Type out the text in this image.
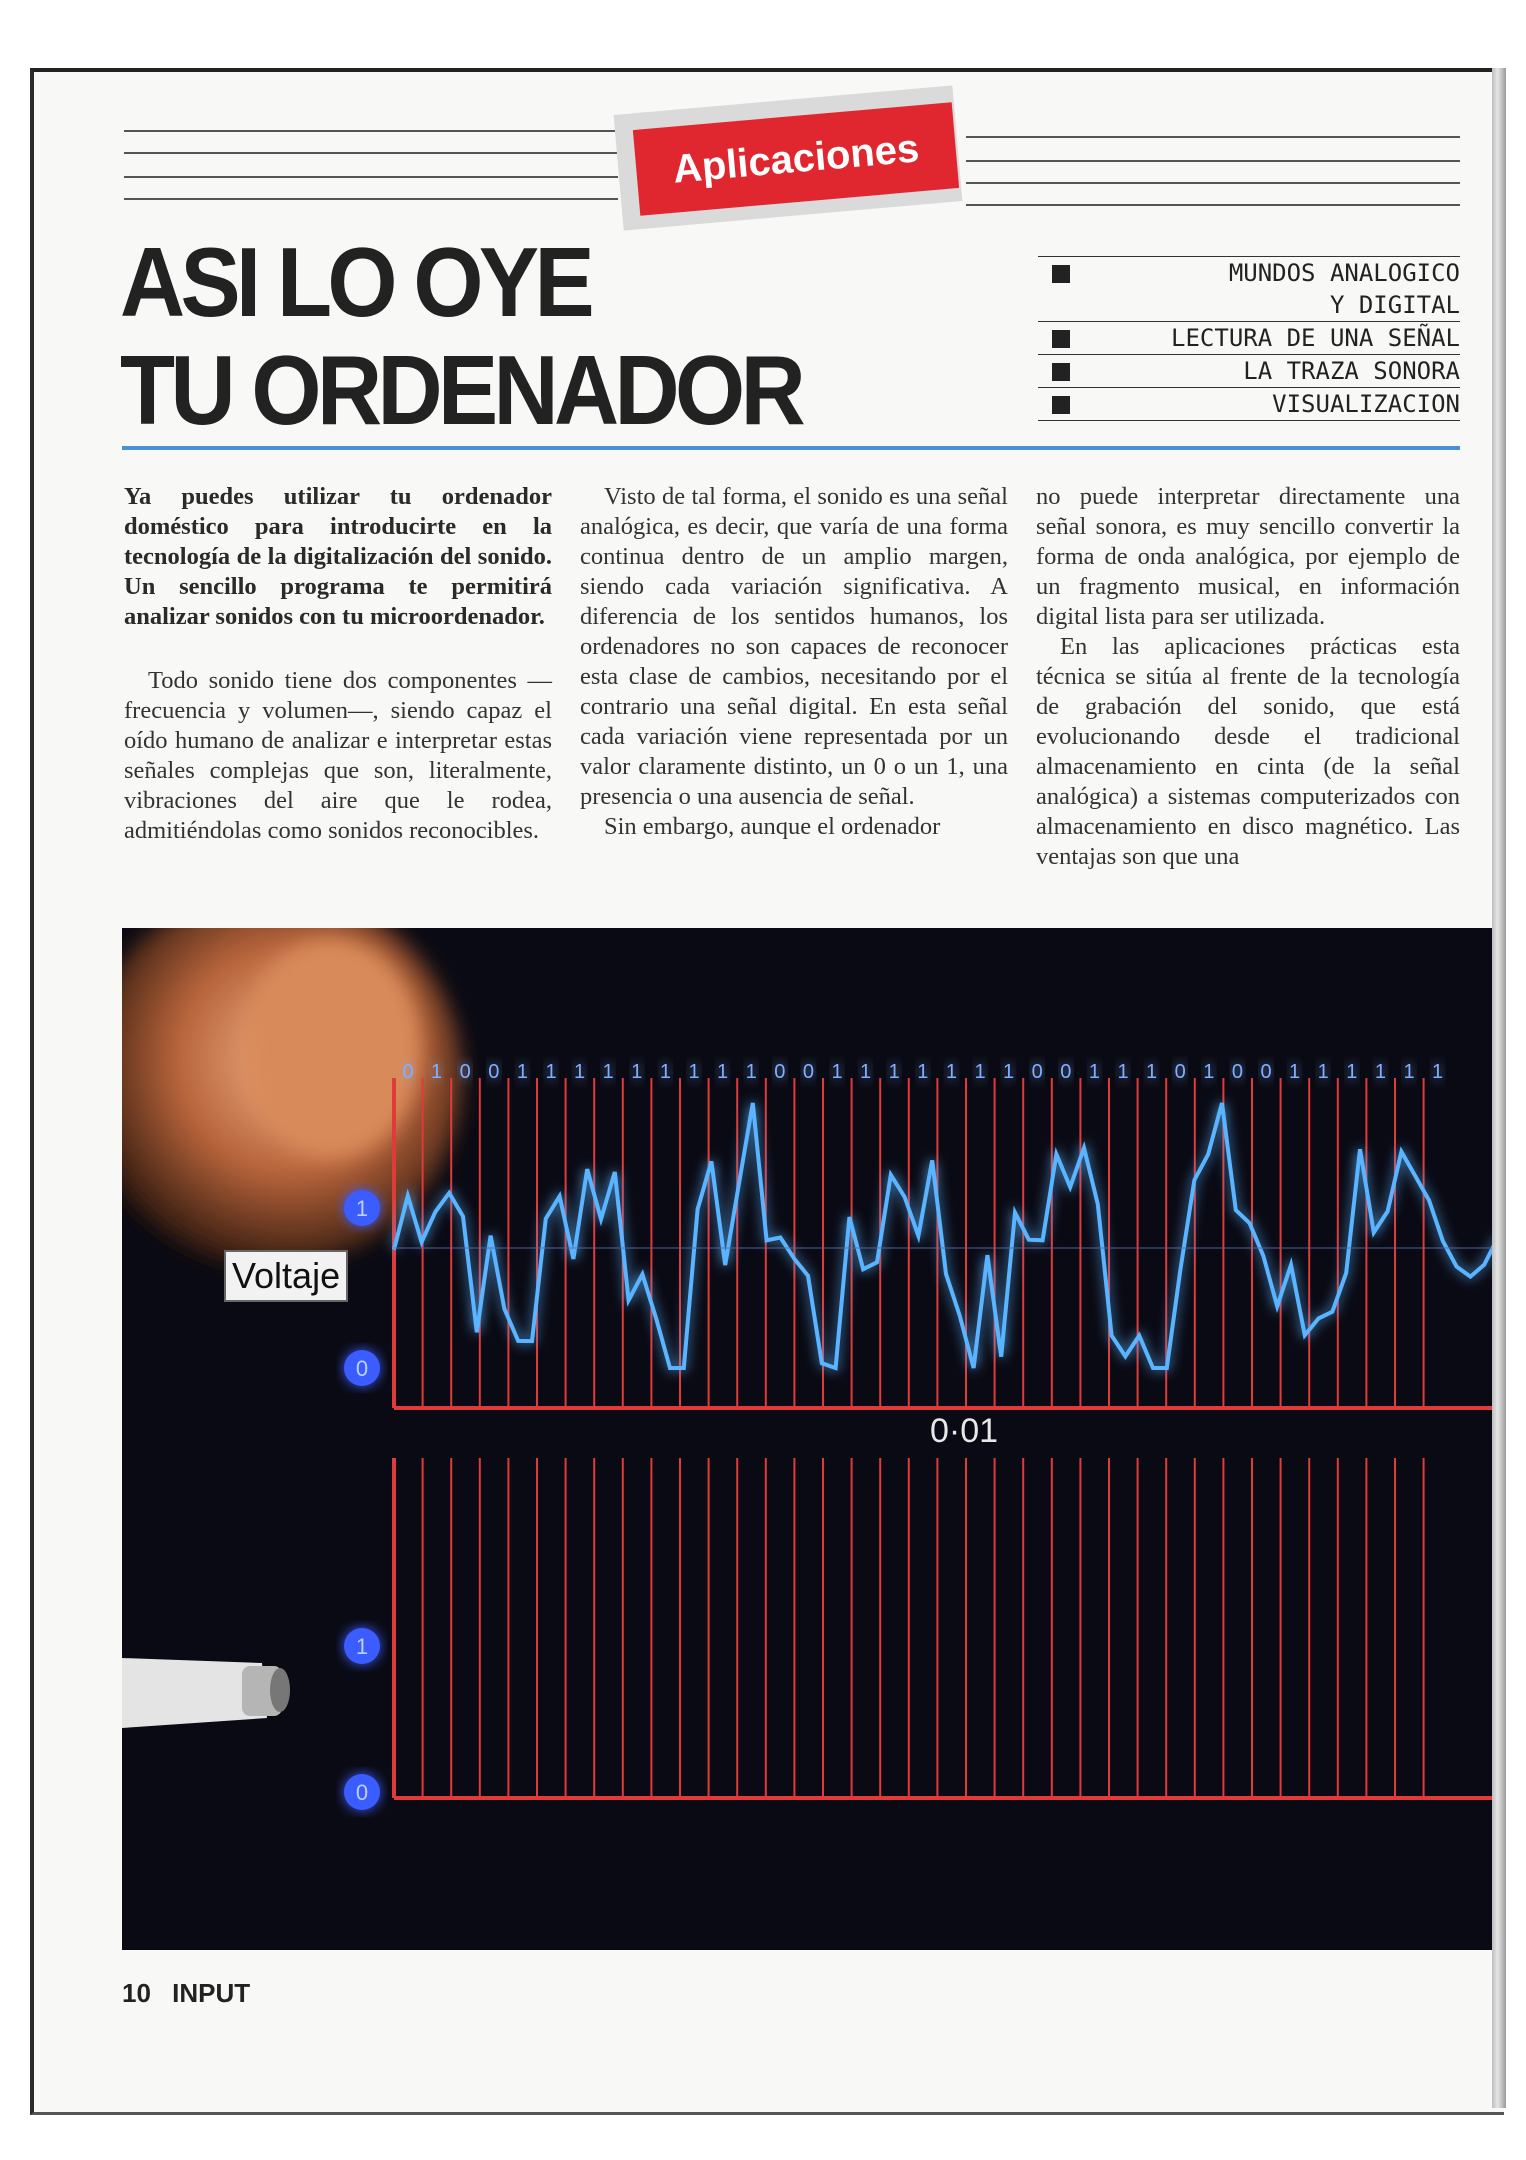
Aplicaciones
ASI LO OYE
TU ORDENADOR
MUNDOS ANALOGICO
Y DIGITAL
LECTURA DE UNA SEÑAL
LA TRAZA SONORA
VISUALIZACION

Ya puedes utilizar tu ordenador doméstico para introducirte en la tecnología de la digitalización del sonido. Un sencillo programa te permitirá analizar sonidos con tu microordenador.

Todo sonido tiene dos componentes —frecuencia y volumen—, siendo capaz el oído humano de analizar e interpretar estas señales complejas que son, literalmente, vibraciones del aire que le rodea, admitiéndolas como sonidos reconocibles.

Visto de tal forma, el sonido es una señal analógica, es decir, que varía de una forma continua dentro de un amplio margen, siendo cada variación significativa. A diferencia de los sentidos humanos, los ordenadores no son capaces de reconocer esta clase de cambios, necesitando por el contrario una señal digital. En esta señal cada variación viene representada por un valor claramente distinto, un 0 o un 1, una presencia o una ausencia de señal.

Sin embargo, aunque el ordenador

no puede interpretar directamente una señal sonora, es muy sencillo convertir la forma de onda analógica, por ejemplo de un fragmento musical, en información digital lista para ser utilizada.

En las aplicaciones prácticas esta técnica se sitúa al frente de la tecnología de grabación del sonido, que está evolucionando desde el tradicional almacenamiento en cinta (de la señal analógica) a sistemas computerizados con almacenamiento en disco magnético. Las ventajas son que una

0 1 0 0 1 1 1 1 1 1 1 1 1 0 0 1 1 1 1 1 1 1 0 0 1 1 1 0 1 0 0 1 1 1 1 1 1
1
0
1
0
Voltaje
0·01
10 INPUT
